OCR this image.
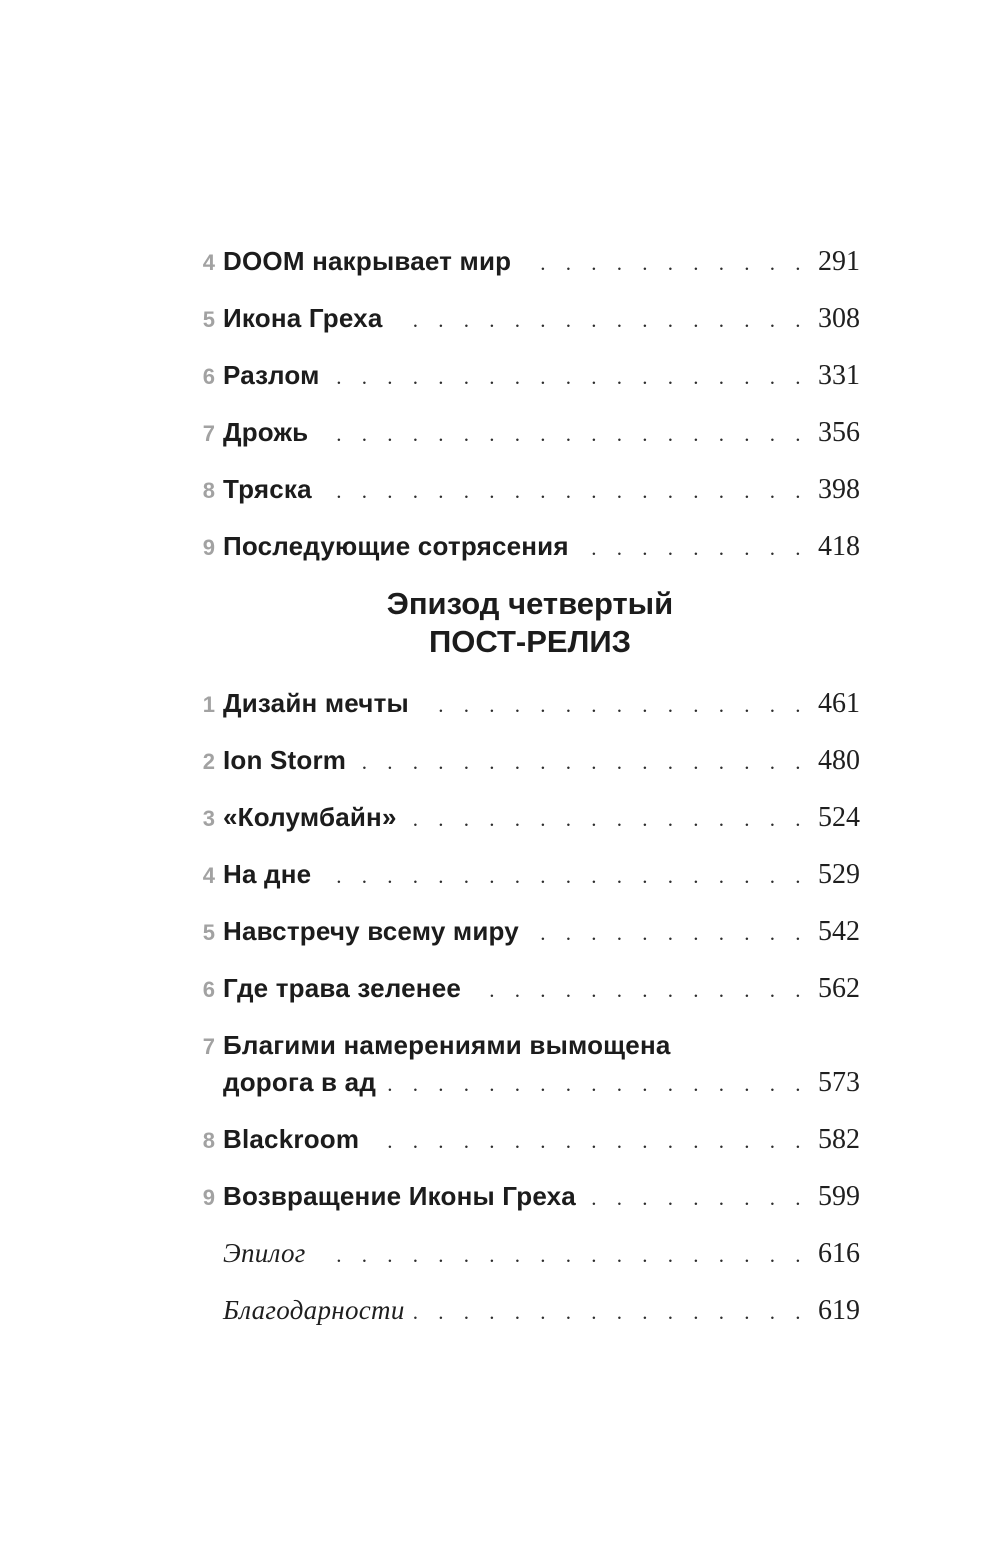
4 DOOM накрывает мир . . .	291
5 Икона Греха . . .	308
6 Разлом . . .	331
7 Дрожь . . .	356
8 Тряска . . .	398
9 Последующие сотрясения . . .	418
Эпизод четвертый
ПОСТ-РЕЛИЗ
1 Дизайн мечты . . .	461
2 Ion Storm . . .	480
3 «Колумбайн» . . .	524
4 На дне . . .	529
5 Навстречу всему миру . . .	542
6 Где трава зеленее . . .	562
7 Благими намерениями вымощена
дорога в ад . . .	573
8 Blackroom . . .	582
9 Возвращение Иконы Греха . . .	599
Эпилог . . .	616
Благодарности . . .	619
